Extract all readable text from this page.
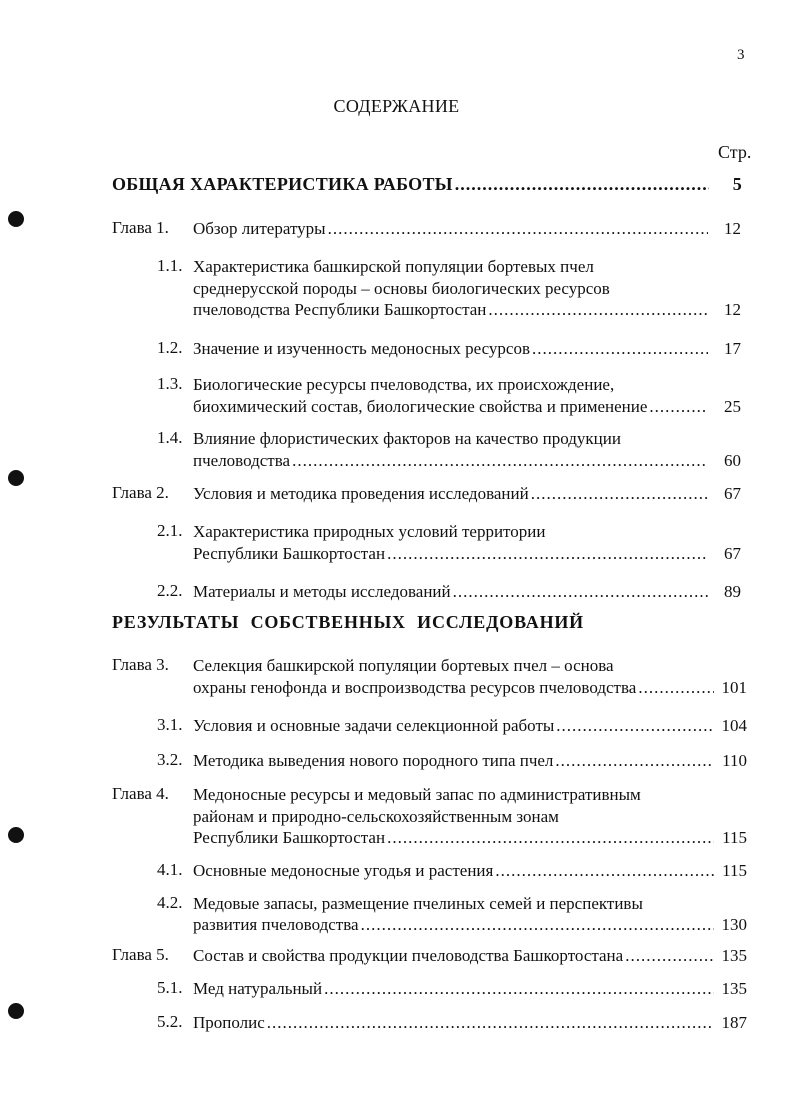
3
СОДЕРЖАНИЕ
Стр.
ОБЩАЯ ХАРАКТЕРИСТИКА РАБОТЫ .....	5
Глава 1. Обзор литературы .....	12
1.1. Характеристика башкирской популяции бортевых пчел
среднерусской породы – основы биологических ресурсов
пчеловодства Республики Башкортостан .....	12
1.2. Значение и изученность медоносных ресурсов .....	17
1.3. Биологические ресурсы пчеловодства, их происхождение,
биохимический состав, биологические свойства и применение .....	25
1.4. Влияние флористических факторов на качество продукции
пчеловодства .....	60
Глава 2. Условия и методика проведения исследований .....	67
2.1. Характеристика природных условий территории
Республики Башкортостан .....	67
2.2. Материалы и методы исследований .....	89
РЕЗУЛЬТАТЫ СОБСТВЕННЫХ ИССЛЕДОВАНИЙ
Глава 3. Селекция башкирской популяции бортевых пчел – основа
охраны генофонда и воспроизводства ресурсов пчеловодства .....	101
3.1. Условия и основные задачи селекционной работы .....	104
3.2. Методика выведения нового породного типа пчел .....	110
Глава 4. Медоносные ресурсы и медовый запас по административным
районам и природно-сельскохозяйственным зонам
Республики Башкортостан .....	115
4.1. Основные медоносные угодья и растения .....	115
4.2. Медовые запасы, размещение пчелиных семей и перспективы
развития пчеловодства .....	130
Глава 5. Состав и свойства продукции пчеловодства Башкортостана .....	135
5.1. Мед натуральный .....	135
5.2. Прополис .....	187
